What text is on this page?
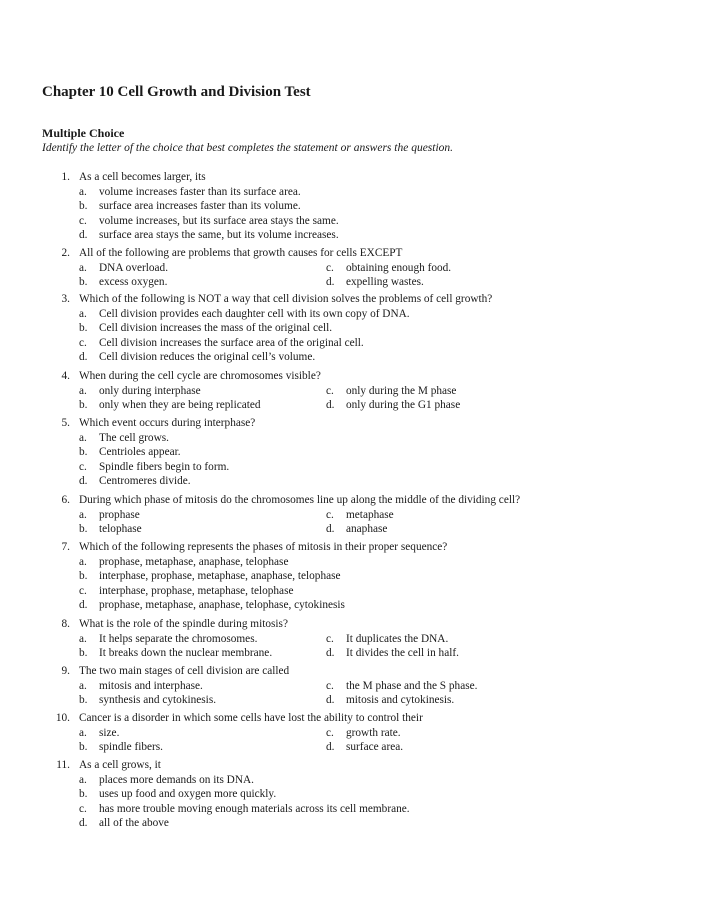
Chapter 10 Cell Growth and Division Test
Multiple Choice
Identify the letter of the choice that best completes the statement or answers the question.
1. As a cell becomes larger, its
a. volume increases faster than its surface area.
b. surface area increases faster than its volume.
c. volume increases, but its surface area stays the same.
d. surface area stays the same, but its volume increases.
2. All of the following are problems that growth causes for cells EXCEPT
a. DNA overload.	c. obtaining enough food.
b. excess oxygen.	d. expelling wastes.
3. Which of the following is NOT a way that cell division solves the problems of cell growth?
a. Cell division provides each daughter cell with its own copy of DNA.
b. Cell division increases the mass of the original cell.
c. Cell division increases the surface area of the original cell.
d. Cell division reduces the original cell’s volume.
4. When during the cell cycle are chromosomes visible?
a. only during interphase	c. only during the M phase
b. only when they are being replicated	d. only during the G1 phase
5. Which event occurs during interphase?
a. The cell grows.
b. Centrioles appear.
c. Spindle fibers begin to form.
d. Centromeres divide.
6. During which phase of mitosis do the chromosomes line up along the middle of the dividing cell?
a. prophase	c. metaphase
b. telophase	d. anaphase
7. Which of the following represents the phases of mitosis in their proper sequence?
a. prophase, metaphase, anaphase, telophase
b. interphase, prophase, metaphase, anaphase, telophase
c. interphase, prophase, metaphase, telophase
d. prophase, metaphase, anaphase, telophase, cytokinesis
8. What is the role of the spindle during mitosis?
a. It helps separate the chromosomes.	c. It duplicates the DNA.
b. It breaks down the nuclear membrane.	d. It divides the cell in half.
9. The two main stages of cell division are called
a. mitosis and interphase.	c. the M phase and the S phase.
b. synthesis and cytokinesis.	d. mitosis and cytokinesis.
10. Cancer is a disorder in which some cells have lost the ability to control their
a. size.	c. growth rate.
b. spindle fibers.	d. surface area.
11. As a cell grows, it
a. places more demands on its DNA.
b. uses up food and oxygen more quickly.
c. has more trouble moving enough materials across its cell membrane.
d. all of the above
